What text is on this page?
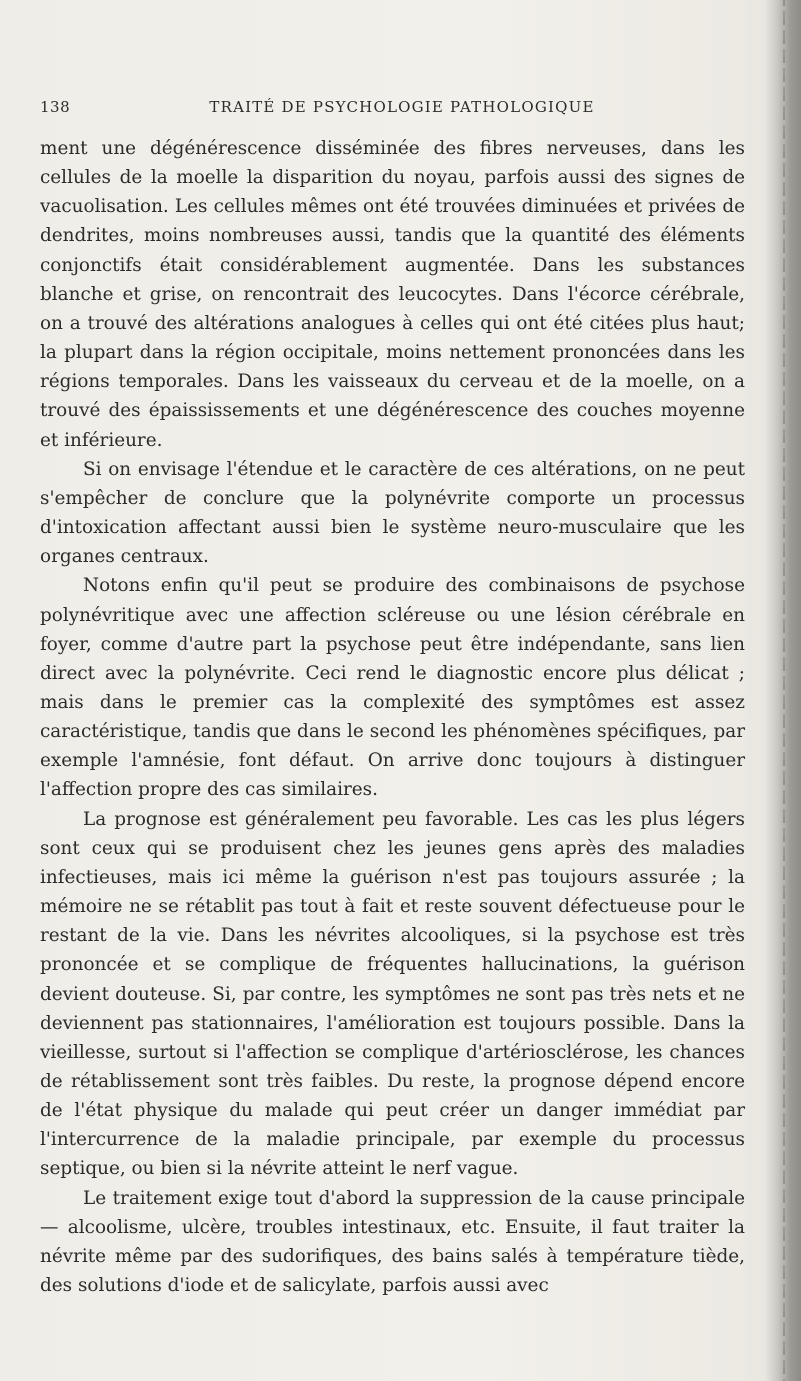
138	TRAITÉ DE PSYCHOLOGIE PATHOLOGIQUE

ment une dégénérescence disséminée des fibres nerveuses, dans les cellules de la moelle la disparition du noyau, parfois aussi des signes de vacuolisation. Les cellules mêmes ont été trouvées diminuées et privées de dendrites, moins nombreuses aussi, tandis que la quantité des éléments conjonctifs était considérablement augmentée. Dans les substances blanche et grise, on rencontrait des leucocytes. Dans l'écorce cérébrale, on a trouvé des altérations analogues à celles qui ont été citées plus haut; la plupart dans la région occipitale, moins nettement prononcées dans les régions temporales. Dans les vaisseaux du cerveau et de la moelle, on a trouvé des épaississements et une dégénérescence des couches moyenne et inférieure.

Si on envisage l'étendue et le caractère de ces altérations, on ne peut s'empêcher de conclure que la polynévrite comporte un processus d'intoxication affectant aussi bien le système neuro-musculaire que les organes centraux.

Notons enfin qu'il peut se produire des combinaisons de psychose polynévritique avec une affection scléreuse ou une lésion cérébrale en foyer, comme d'autre part la psychose peut être indépendante, sans lien direct avec la polynévrite. Ceci rend le diagnostic encore plus délicat ; mais dans le premier cas la complexité des symptômes est assez caractéristique, tandis que dans le second les phénomènes spécifiques, par exemple l'amnésie, font défaut. On arrive donc toujours à distinguer l'affection propre des cas similaires.

La prognose est généralement peu favorable. Les cas les plus légers sont ceux qui se produisent chez les jeunes gens après des maladies infectieuses, mais ici même la guérison n'est pas toujours assurée ; la mémoire ne se rétablit pas tout à fait et reste souvent défectueuse pour le restant de la vie. Dans les névrites alcooliques, si la psychose est très prononcée et se complique de fréquentes hallucinations, la guérison devient douteuse. Si, par contre, les symptômes ne sont pas très nets et ne deviennent pas stationnaires, l'amélioration est toujours possible. Dans la vieillesse, surtout si l'affection se complique d'artériosclérose, les chances de rétablissement sont très faibles. Du reste, la prognose dépend encore de l'état physique du malade qui peut créer un danger immédiat par l'intercurrence de la maladie principale, par exemple du processus septique, ou bien si la névrite atteint le nerf vague.

Le traitement exige tout d'abord la suppression de la cause principale — alcoolisme, ulcère, troubles intestinaux, etc. Ensuite, il faut traiter la névrite même par des sudorifiques, des bains salés à température tiède, des solutions d'iode et de salicylate, parfois aussi avec
